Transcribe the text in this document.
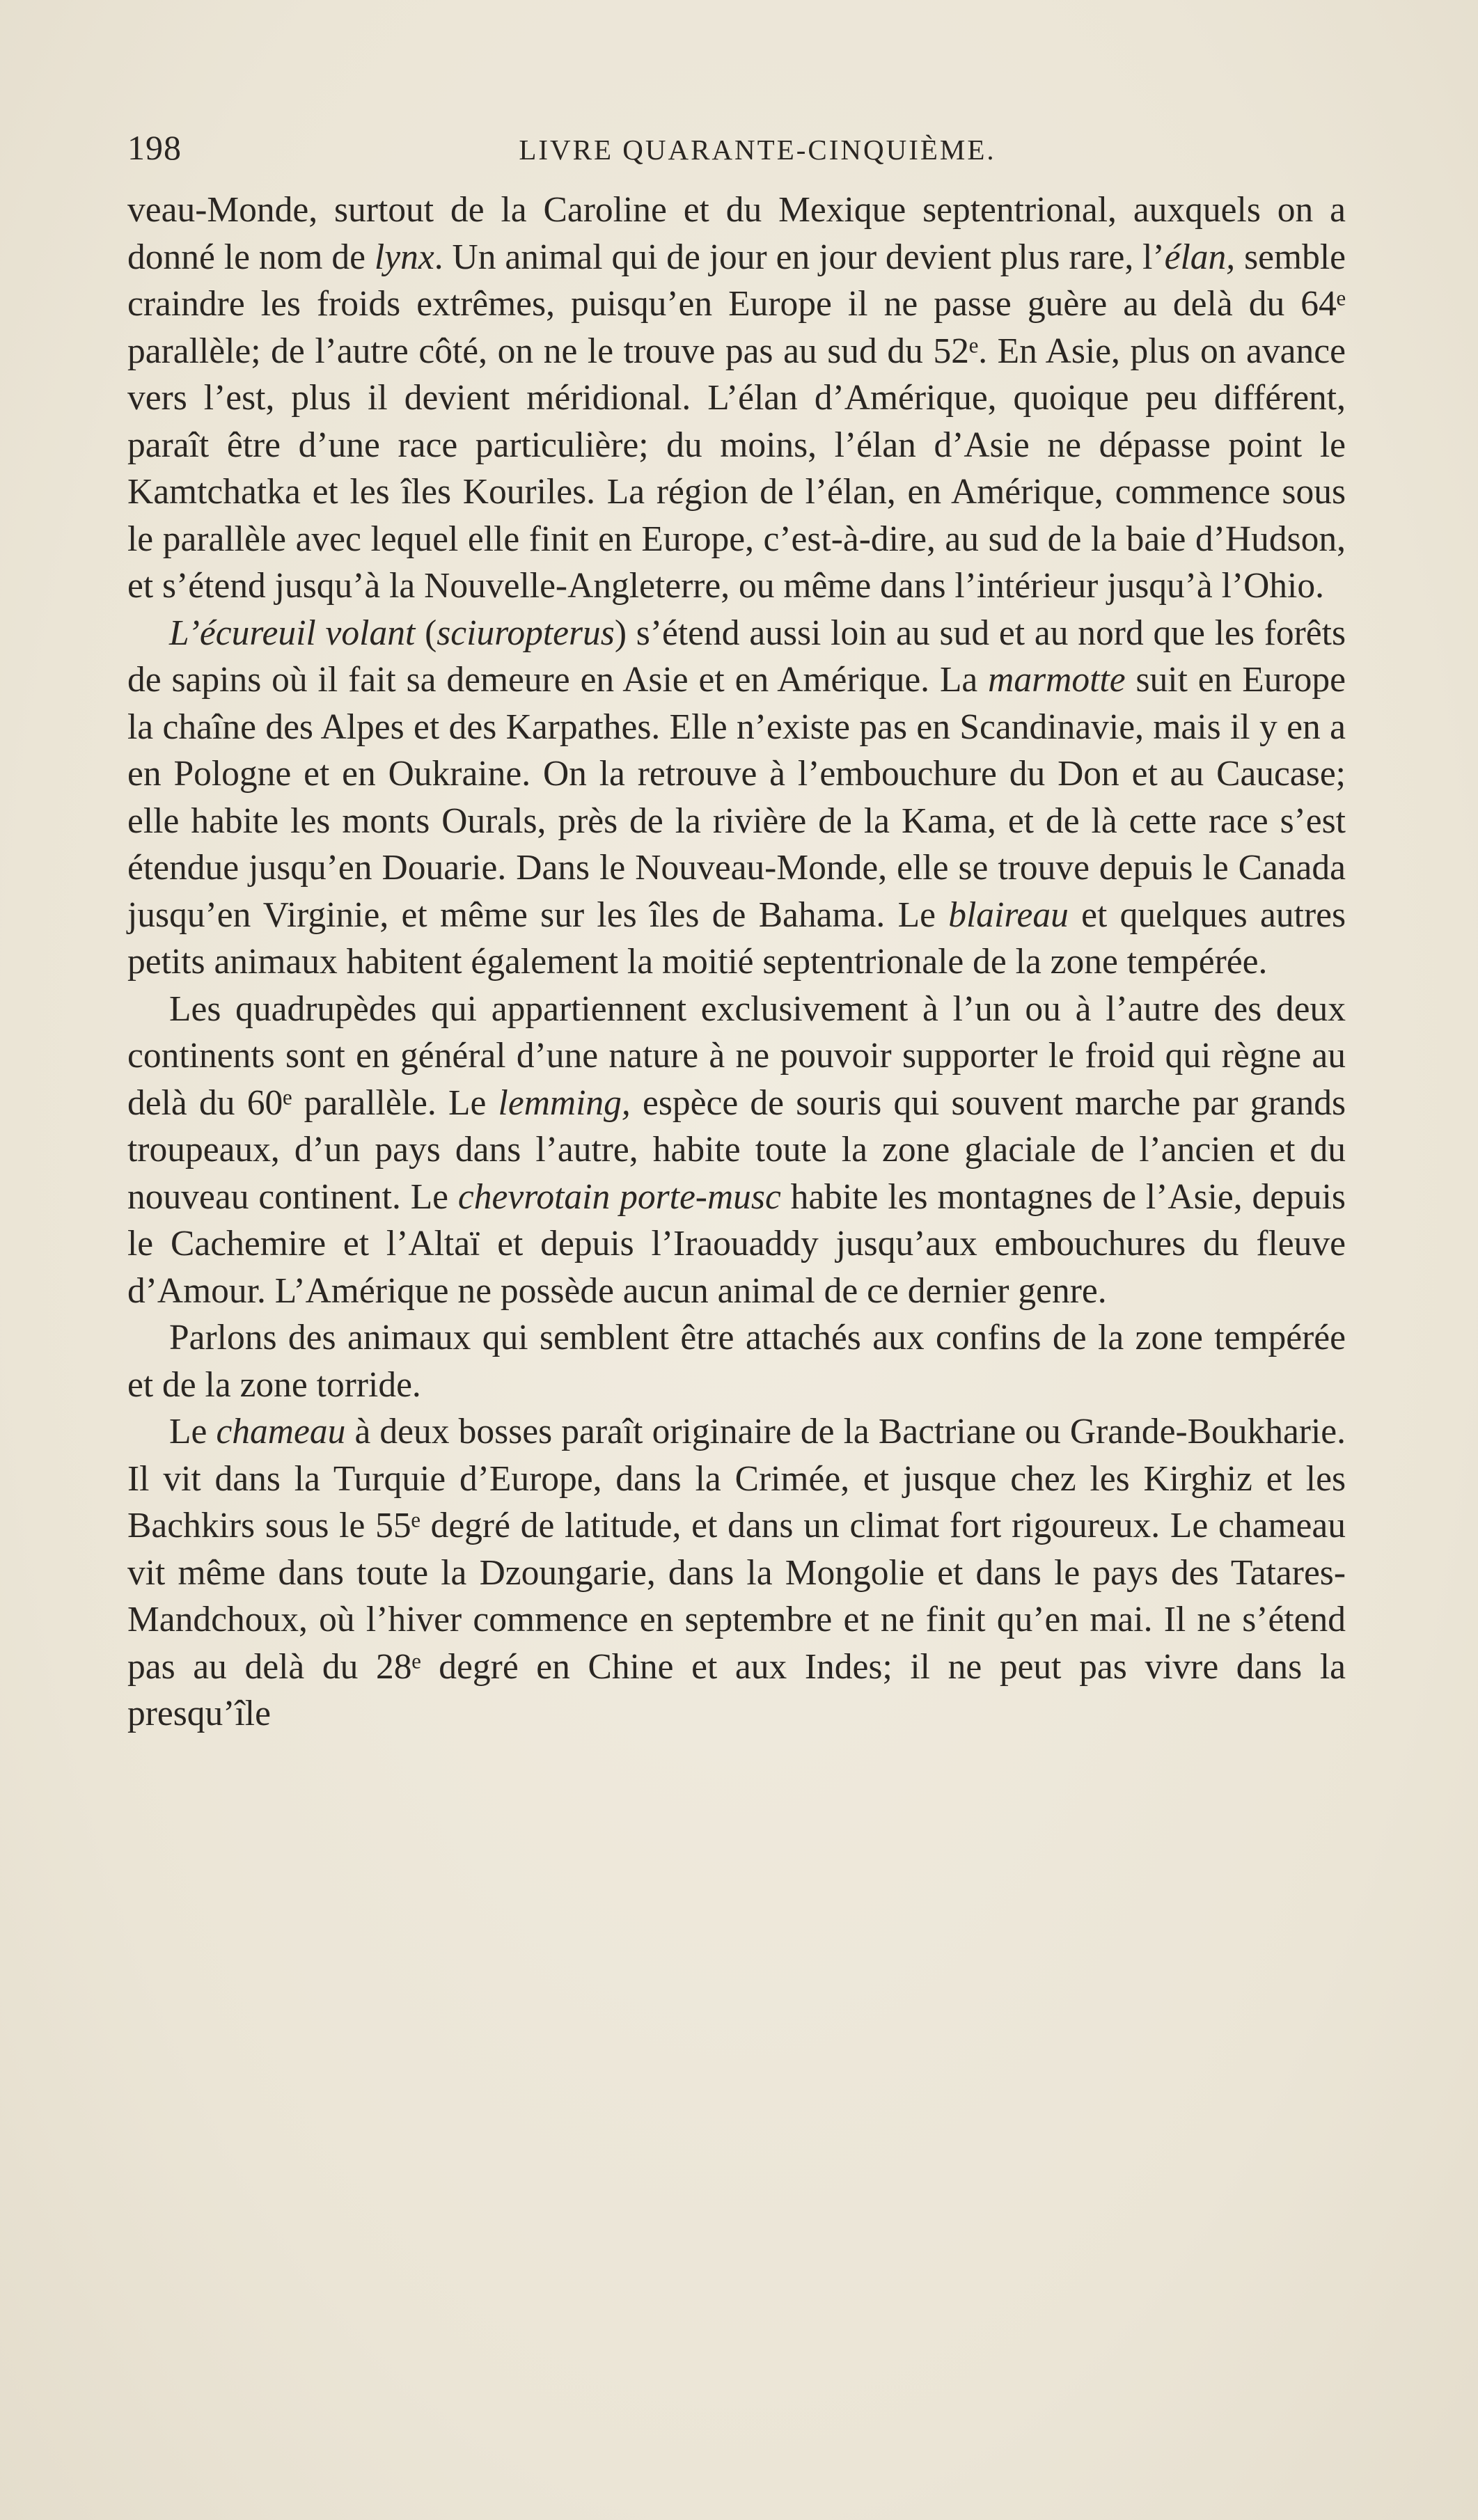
198	LIVRE QUARANTE-CINQUIÈME.

veau-Monde, surtout de la Caroline et du Mexique septentrional, auxquels on a donné le nom de lynx. Un animal qui de jour en jour devient plus rare, l’élan, semble craindre les froids extrêmes, puisqu’en Europe il ne passe guère au delà du 64ᵉ parallèle; de l’autre côté, on ne le trouve pas au sud du 52ᵉ. En Asie, plus on avance vers l’est, plus il devient méridional. L’élan d’Amérique, quoique peu différent, paraît être d’une race particulière; du moins, l’élan d’Asie ne dépasse point le Kamtchatka et les îles Kouriles. La région de l’élan, en Amérique, commence sous le parallèle avec lequel elle finit en Europe, c’est-à-dire, au sud de la baie d’Hudson, et s’étend jusqu’à la Nouvelle-Angleterre, ou même dans l’intérieur jusqu’à l’Ohio.

L’écureuil volant (sciuropterus) s’étend aussi loin au sud et au nord que les forêts de sapins où il fait sa demeure en Asie et en Amérique. La marmotte suit en Europe la chaîne des Alpes et des Karpathes. Elle n’existe pas en Scandinavie, mais il y en a en Pologne et en Oukraine. On la retrouve à l’embouchure du Don et au Caucase; elle habite les monts Ourals, près de la rivière de la Kama, et de là cette race s’est étendue jusqu’en Douarie. Dans le Nouveau-Monde, elle se trouve depuis le Canada jusqu’en Virginie, et même sur les îles de Bahama. Le blaireau et quelques autres petits animaux habitent également la moitié septentrionale de la zone tempérée.

Les quadrupèdes qui appartiennent exclusivement à l’un ou à l’autre des deux continents sont en général d’une nature à ne pouvoir supporter le froid qui règne au delà du 60ᵉ parallèle. Le lemming, espèce de souris qui souvent marche par grands troupeaux, d’un pays dans l’autre, habite toute la zone glaciale de l’ancien et du nouveau continent. Le chevrotain porte-musc habite les montagnes de l’Asie, depuis le Cachemire et l’Altaï et depuis l’Iraouaddy jusqu’aux embouchures du fleuve d’Amour. L’Amérique ne possède aucun animal de ce dernier genre.

Parlons des animaux qui semblent être attachés aux confins de la zone tempérée et de la zone torride.

Le chameau à deux bosses paraît originaire de la Bactriane ou Grande-Boukharie. Il vit dans la Turquie d’Europe, dans la Crimée, et jusque chez les Kirghiz et les Bachkirs sous le 55ᵉ degré de latitude, et dans un climat fort rigoureux. Le chameau vit même dans toute la Dzoungarie, dans la Mongolie et dans le pays des Tatares-Mandchoux, où l’hiver commence en septembre et ne finit qu’en mai. Il ne s’étend pas au delà du 28ᵉ degré en Chine et aux Indes; il ne peut pas vivre dans la presqu’île
